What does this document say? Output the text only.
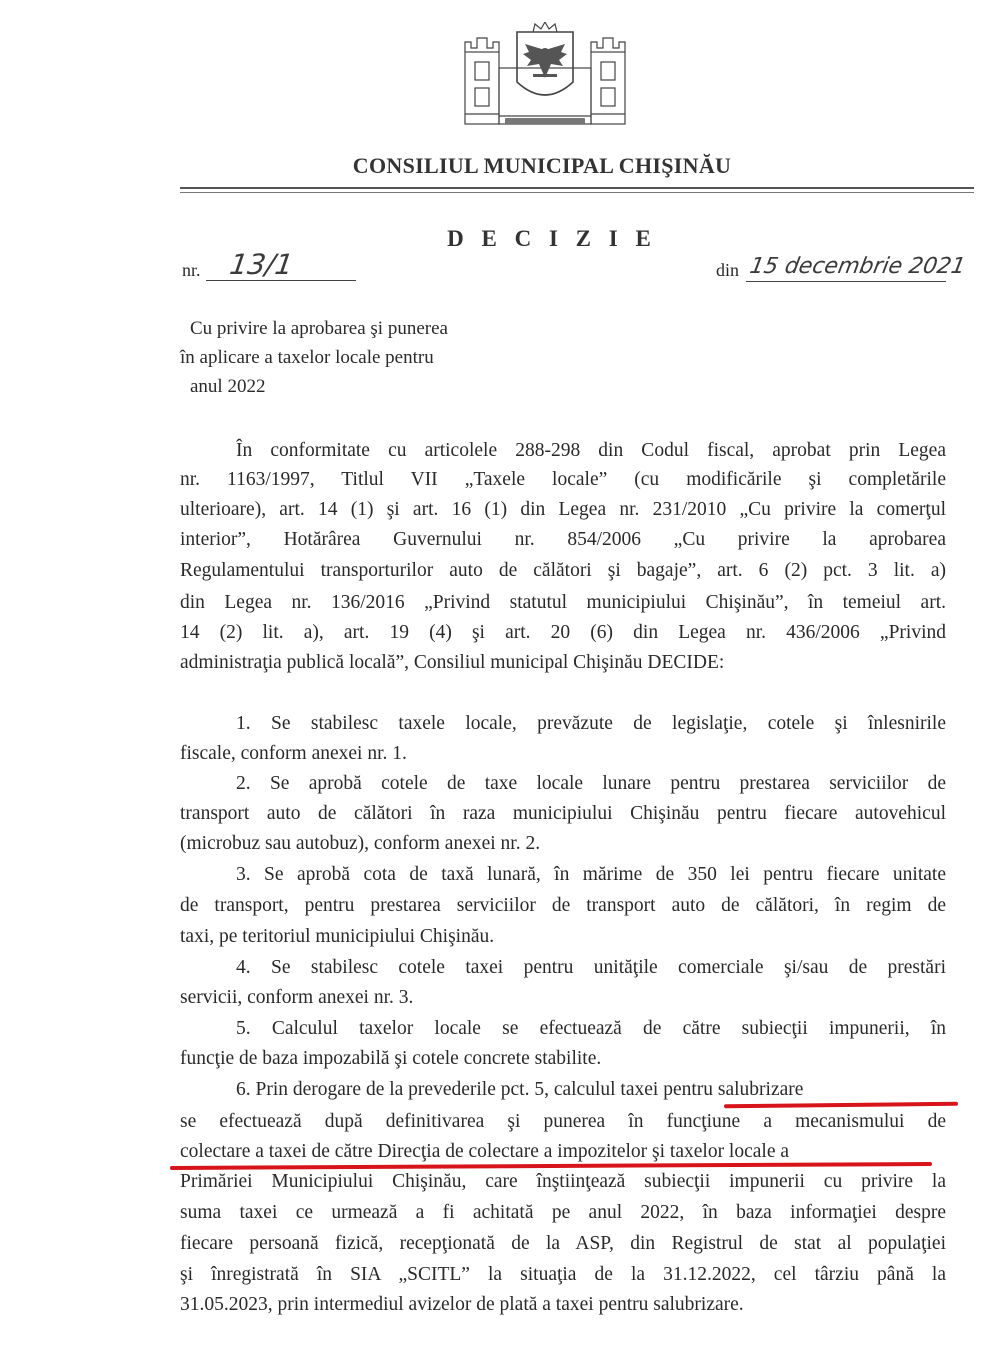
CONSILIUL MUNICIPAL CHIŞINĂU
D E C I Z I E
nr. 13/1	din 15 decembrie 2021
Cu privire la aprobarea şi punerea
în aplicare a taxelor locale pentru
anul 2022
În conformitate cu articolele 288-298 din Codul fiscal, aprobat prin Legea
nr. 1163/1997, Titlul VII „Taxele locale” (cu modificările şi completările
ulterioare), art. 14 (1) şi art. 16 (1) din Legea nr. 231/2010 „Cu privire la comerţul
interior”, Hotărârea Guvernului nr. 854/2006 „Cu privire la aprobarea
Regulamentului transporturilor auto de călători şi bagaje”, art. 6 (2) pct. 3 lit. a)
din Legea nr. 136/2016 „Privind statutul municipiului Chişinău”, în temeiul art.
14 (2) lit. a), art. 19 (4) şi art. 20 (6) din Legea nr. 436/2006 „Privind
administraţia publică locală”, Consiliul municipal Chişinău DECIDE:
1. Se stabilesc taxele locale, prevăzute de legislaţie, cotele şi înlesnirile
fiscale, conform anexei nr. 1.
2. Se aprobă cotele de taxe locale lunare pentru prestarea serviciilor de
transport auto de călători în raza municipiului Chişinău pentru fiecare autovehicul
(microbuz sau autobuz), conform anexei nr. 2.
3. Se aprobă cota de taxă lunară, în mărime de 350 lei pentru fiecare unitate
de transport, pentru prestarea serviciilor de transport auto de călători, în regim de
taxi, pe teritoriul municipiului Chişinău.
4. Se stabilesc cotele taxei pentru unităţile comerciale şi/sau de prestări
servicii, conform anexei nr. 3.
5. Calculul taxelor locale se efectuează de către subiecţii impunerii, în
funcţie de baza impozabilă şi cotele concrete stabilite.
6. Prin derogare de la prevederile pct. 5, calculul taxei pentru salubrizare
se efectuează după definitivarea şi punerea în funcţiune a mecanismului de
colectare a taxei de către Direcţia de colectare a impozitelor şi taxelor locale a
Primăriei Municipiului Chişinău, care înştiinţează subiecţii impunerii cu privire la
suma taxei ce urmează a fi achitată pe anul 2022, în baza informaţiei despre
fiecare persoană fizică, recepţionată de la ASP, din Registrul de stat al populaţiei
şi înregistrată în SIA „SCITL” la situaţia de la 31.12.2022, cel târziu până la
31.05.2023, prin intermediul avizelor de plată a taxei pentru salubrizare.
